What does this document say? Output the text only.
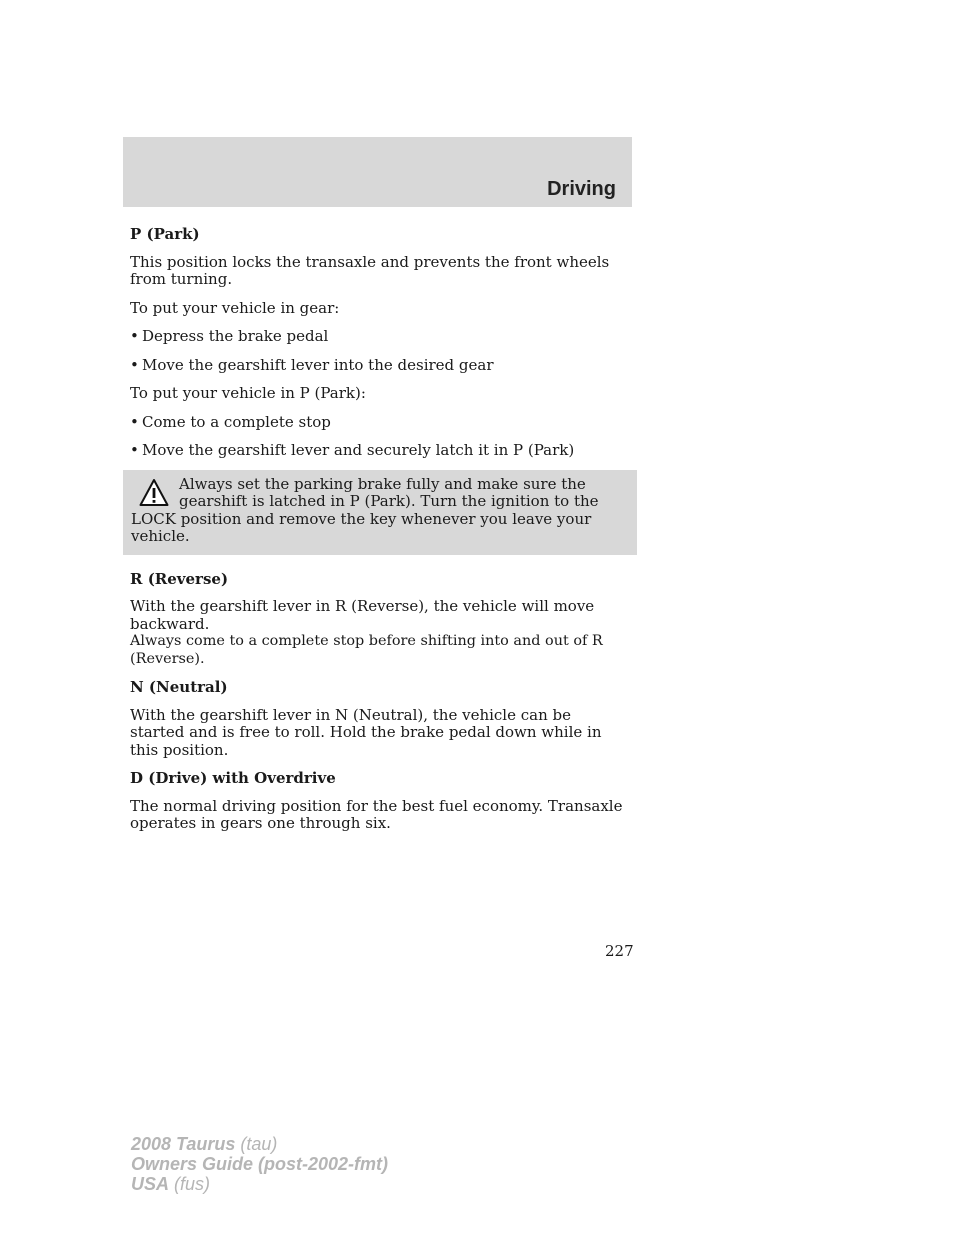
Driving
P (Park)

This position locks the transaxle and prevents the front wheels from turning.

To put your vehicle in gear:

• Depress the brake pedal
• Move the gearshift lever into the desired gear

To put your vehicle in P (Park):

• Come to a complete stop
• Move the gearshift lever and securely latch it in P (Park)
Always set the parking brake fully and make sure the gearshift is latched in P (Park). Turn the ignition to the LOCK position and remove the key whenever you leave your vehicle.
R (Reverse)

With the gearshift lever in R (Reverse), the vehicle will move backward.

Always come to a complete stop before shifting into and out of R (Reverse).

N (Neutral)

With the gearshift lever in N (Neutral), the vehicle can be started and is free to roll. Hold the brake pedal down while in this position.

D (Drive) with Overdrive

The normal driving position for the best fuel economy. Transaxle operates in gears one through six.

227
2008 Taurus (tau)
Owners Guide (post-2002-fmt)
USA (fus)
